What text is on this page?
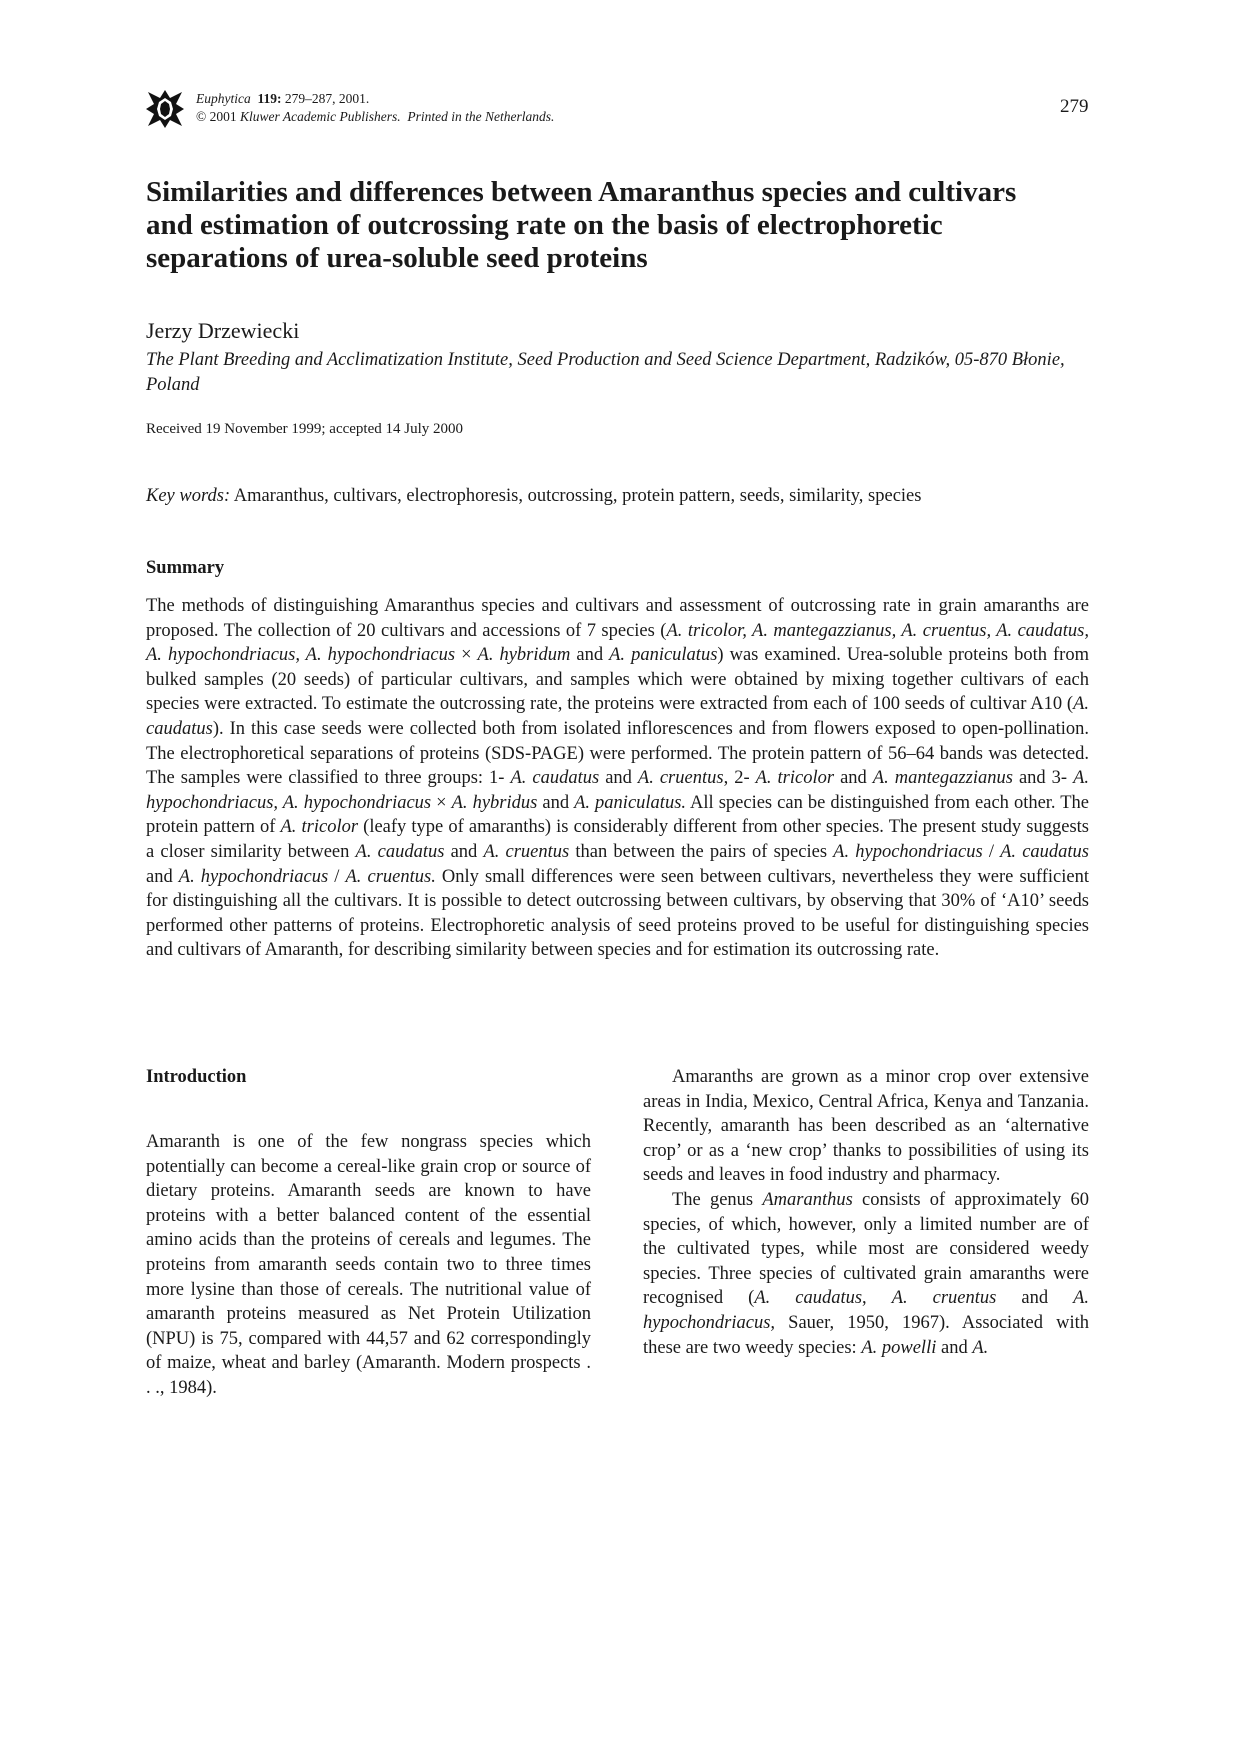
Euphytica 119: 279–287, 2001.
© 2001 Kluwer Academic Publishers. Printed in the Netherlands.	279
Similarities and differences between Amaranthus species and cultivars
and estimation of outcrossing rate on the basis of electrophoretic
separations of urea-soluble seed proteins
Jerzy Drzewiecki
The Plant Breeding and Acclimatization Institute, Seed Production and Seed Science Department, Radzików, 05-870 Błonie, Poland
Received 19 November 1999; accepted 14 July 2000
Key words: Amaranthus, cultivars, electrophoresis, outcrossing, protein pattern, seeds, similarity, species
Summary

The methods of distinguishing Amaranthus species and cultivars and assessment of outcrossing rate in grain amaranths are proposed. The collection of 20 cultivars and accessions of 7 species (A. tricolor, A. mantegazzianus, A. cruentus, A. caudatus, A. hypochondriacus, A. hypochondriacus × A. hybridum and A. paniculatus) was examined. Urea-soluble proteins both from bulked samples (20 seeds) of particular cultivars, and samples which were obtained by mixing together cultivars of each species were extracted. To estimate the outcrossing rate, the proteins were extracted from each of 100 seeds of cultivar A10 (A. caudatus). In this case seeds were collected both from isolated inflorescences and from flowers exposed to open-pollination. The electrophoretical separations of proteins (SDS-PAGE) were performed. The protein pattern of 56–64 bands was detected. The samples were classified to three groups: 1- A. caudatus and A. cruentus, 2- A. tricolor and A. mantegazzianus and 3- A. hypochondriacus, A. hypochondriacus × A. hybridus and A. paniculatus. All species can be distinguished from each other. The protein pattern of A. tricolor (leafy type of amaranths) is considerably different from other species. The present study suggests a closer similarity between A. caudatus and A. cruentus than between the pairs of species A. hypochondriacus / A. caudatus and A. hypochondriacus / A. cruentus. Only small differences were seen between cultivars, nevertheless they were sufficient for distinguishing all the cultivars. It is possible to detect outcrossing between cultivars, by observing that 30% of ‘A10’ seeds performed other patterns of proteins. Electrophoretic analysis of seed proteins proved to be useful for distinguishing species and cultivars of Amaranth, for describing similarity between species and for estimation its outcrossing rate.

Introduction

Amaranth is one of the few nongrass species which potentially can become a cereal-like grain crop or source of dietary proteins. Amaranth seeds are known to have proteins with a better balanced content of the essential amino acids than the proteins of cereals and legumes. The proteins from amaranth seeds contain two to three times more lysine than those of cereals. The nutritional value of amaranth proteins measured as Net Protein Utilization (NPU) is 75, compared with 44,57 and 62 correspondingly of maize, wheat and barley (Amaranth. Modern prospects . . ., 1984).

Amaranths are grown as a minor crop over extensive areas in India, Mexico, Central Africa, Kenya and Tanzania. Recently, amaranth has been described as an ‘alternative crop’ or as a ‘new crop’ thanks to possibilities of using its seeds and leaves in food industry and pharmacy.

The genus Amaranthus consists of approximately 60 species, of which, however, only a limited number are of the cultivated types, while most are considered weedy species. Three species of cultivated grain amaranths were recognised (A. caudatus, A. cruentus and A. hypochondriacus, Sauer, 1950, 1967). Associated with these are two weedy species: A. powelli and A.
